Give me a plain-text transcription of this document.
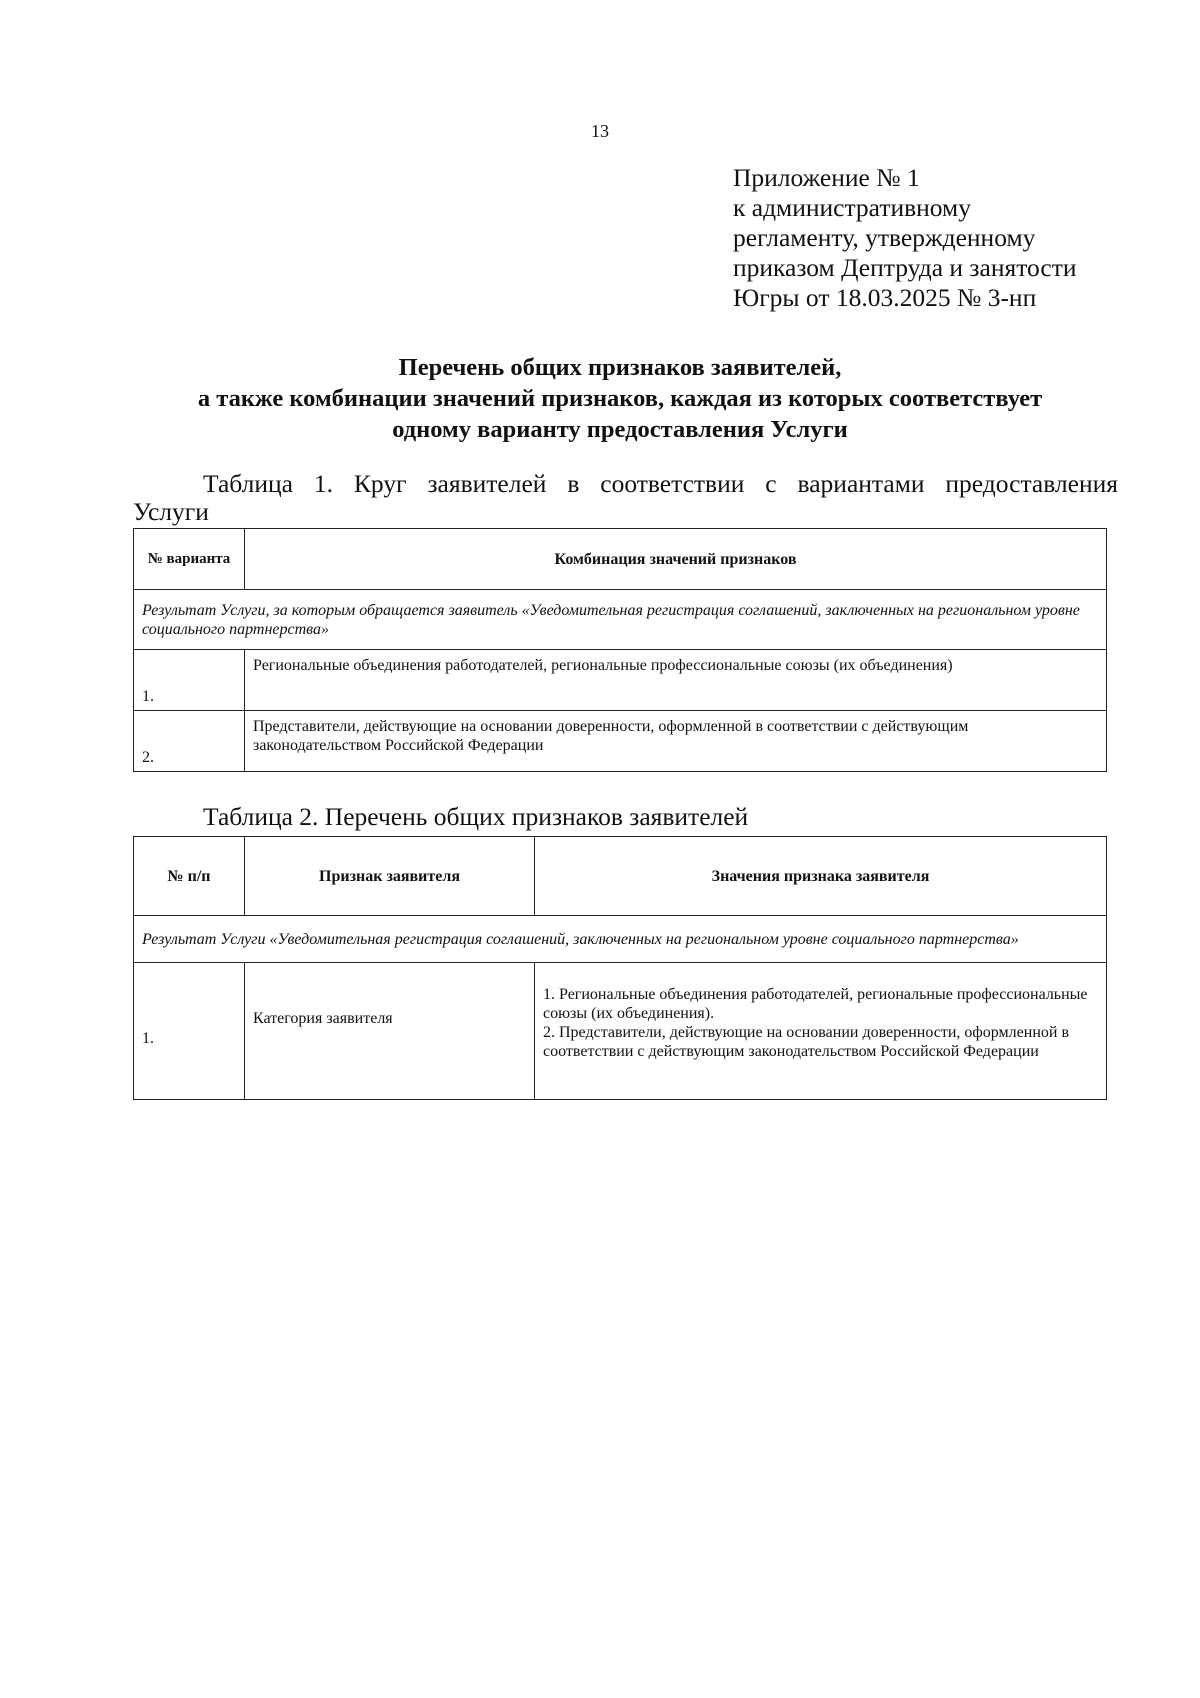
13
Приложение № 1
к административному
регламенту, утвержденному
приказом Дептруда и занятости
Югры от 18.03.2025 № 3-нп
Перечень общих признаков заявителей,
а также комбинации значений признаков, каждая из которых соответствует
одному варианту предоставления Услуги
Таблица 1. Круг заявителей в соответствии с вариантами предоставления
Услуги
№ варианта	Комбинация значений признаков
Результат Услуги, за которым обращается заявитель «Уведомительная регистрация соглашений, заключенных на региональном уровне социального партнерства»	
1.	Региональные объединения работодателей, региональные профессиональные союзы (их объединения)
2.	Представители, действующие на основании доверенности, оформленной в соответствии с действующим законодательством Российской Федерации
Таблица 2. Перечень общих признаков заявителей
№ п/п	Признак заявителя	Значения признака заявителя
Результат Услуги «Уведомительная регистрация соглашений, заключенных на региональном уровне социального партнерства»		
1.	Категория заявителя	1. Региональные объединения работодателей, региональные профессиональные союзы (их объединения).
2. Представители, действующие на основании доверенности, оформленной в соответствии с действующим законодательством Российской Федерации
